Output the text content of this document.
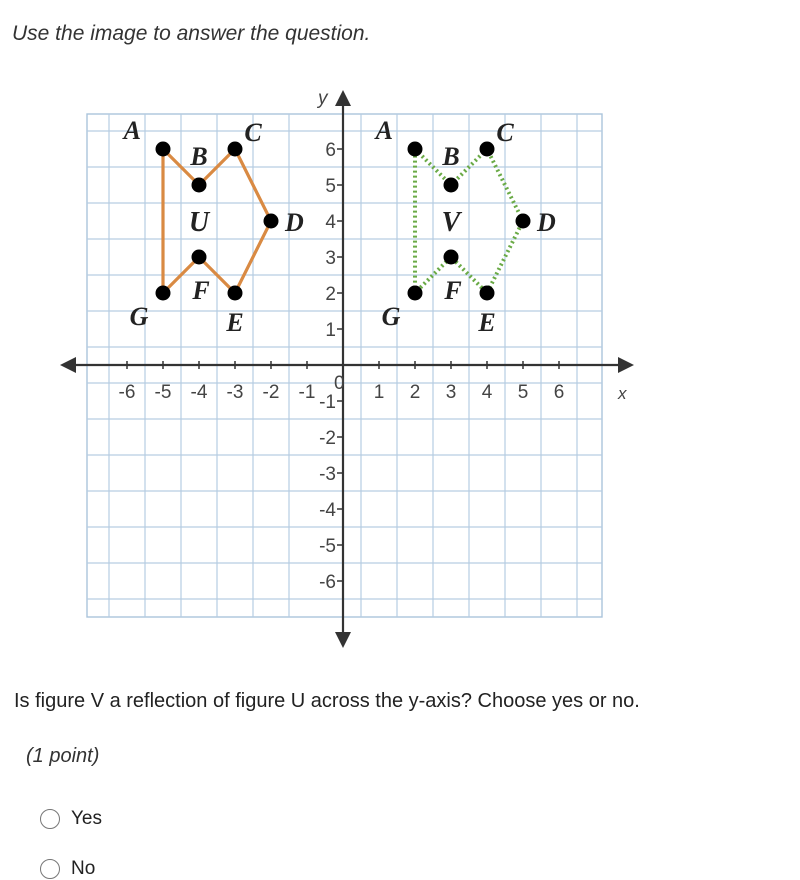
Use the image to answer the question.
x
y
-6 -5 -4 -3 -2 -1	1 2 3 4 5 6
6
5
4
3
2
1
-1
-2
-3
-4
-5
-6
0
A
B
C
D
E
F
G
U
A
B
C
D
E
F
G
V
Is figure V a reflection of figure U across the y-axis? Choose yes or no.
(1 point)
Yes
No
